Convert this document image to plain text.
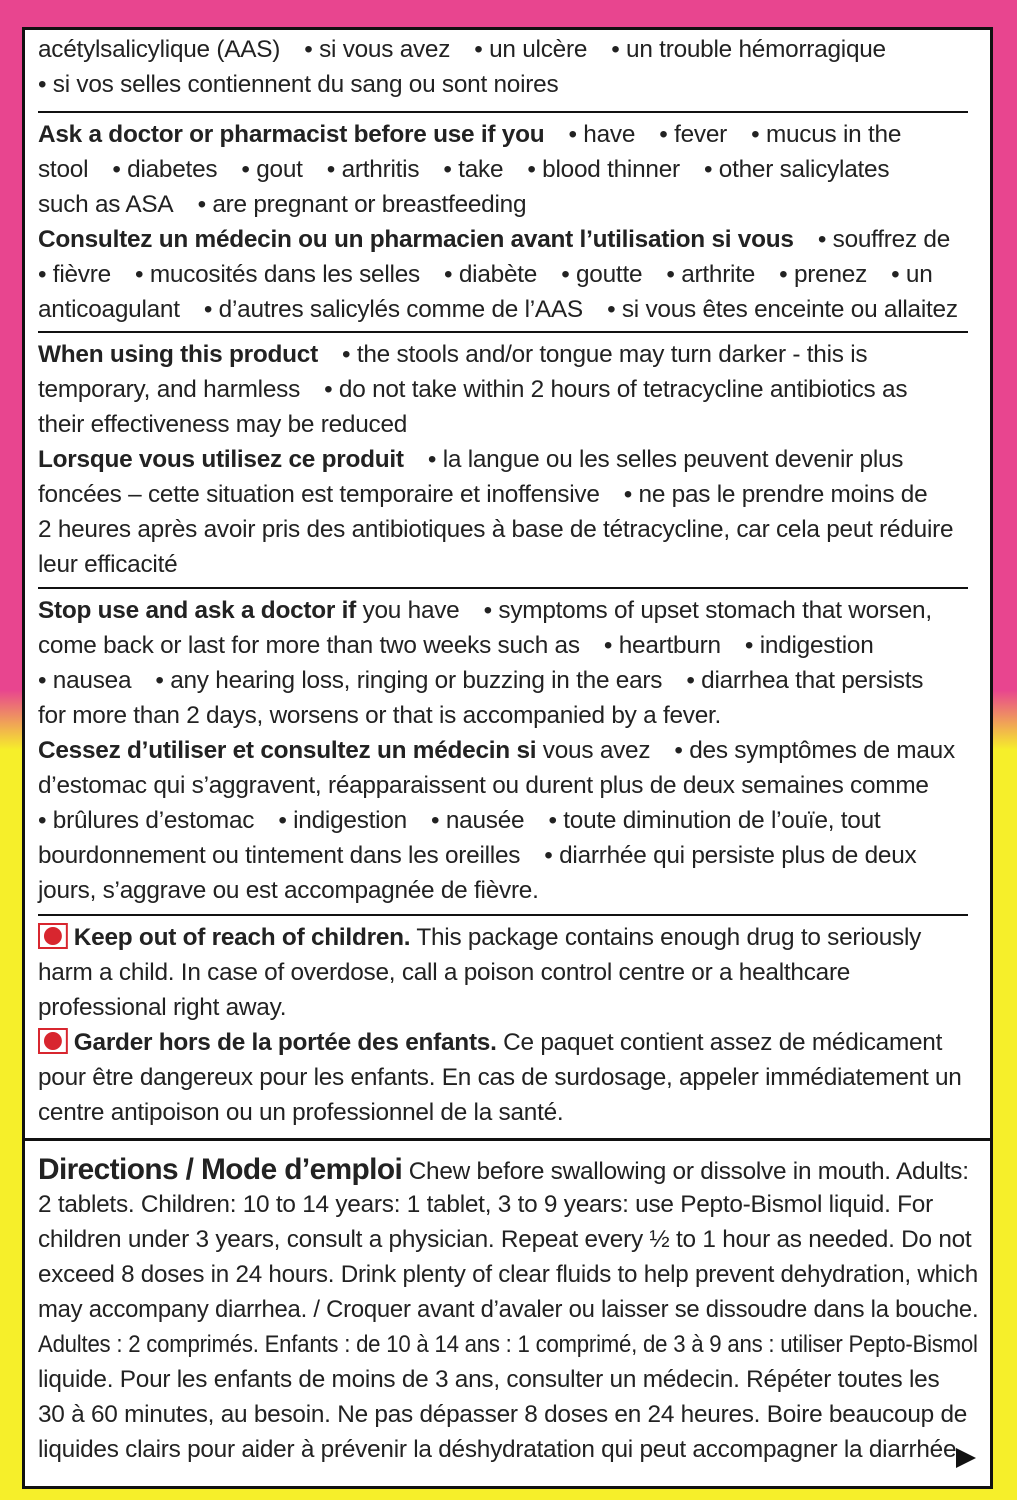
acétylsalicylique (AAS) • si vous avez • un ulcère • un trouble hémorragique
• si vos selles contiennent du sang ou sont noires
Ask a doctor or pharmacist before use if you • have • fever • mucus in the
stool • diabetes • gout • arthritis • take • blood thinner • other salicylates
such as ASA • are pregnant or breastfeeding
Consultez un médecin ou un pharmacien avant l’utilisation si vous • souffrez de
• fièvre • mucosités dans les selles • diabète • goutte • arthrite • prenez • un
anticoagulant • d’autres salicylés comme de l’AAS • si vous êtes enceinte ou allaitez
When using this product • the stools and/or tongue may turn darker - this is
temporary, and harmless • do not take within 2 hours of tetracycline antibiotics as
their effectiveness may be reduced
Lorsque vous utilisez ce produit • la langue ou les selles peuvent devenir plus
foncées – cette situation est temporaire et inoffensive • ne pas le prendre moins de
2 heures après avoir pris des antibiotiques à base de tétracycline, car cela peut réduire
leur efficacité
Stop use and ask a doctor if you have • symptoms of upset stomach that worsen,
come back or last for more than two weeks such as • heartburn • indigestion
• nausea • any hearing loss, ringing or buzzing in the ears • diarrhea that persists
for more than 2 days, worsens or that is accompanied by a fever.
Cessez d’utiliser et consultez un médecin si vous avez • des symptômes de maux
d’estomac qui s’aggravent, réapparaissent ou durent plus de deux semaines comme
• brûlures d’estomac • indigestion • nausée • toute diminution de l’ouïe, tout
bourdonnement ou tintement dans les oreilles • diarrhée qui persiste plus de deux
jours, s’aggrave ou est accompagnée de fièvre.
Keep out of reach of children. This package contains enough drug to seriously
harm a child. In case of overdose, call a poison control centre or a healthcare
professional right away.
Garder hors de la portée des enfants. Ce paquet contient assez de médicament
pour être dangereux pour les enfants. En cas de surdosage, appeler immédiatement un
centre antipoison ou un professionnel de la santé.
Directions / Mode d’emploi Chew before swallowing or dissolve in mouth. Adults:
2 tablets. Children: 10 to 14 years: 1 tablet, 3 to 9 years: use Pepto-Bismol liquid. For
children under 3 years, consult a physician. Repeat every ½ to 1 hour as needed. Do not
exceed 8 doses in 24 hours. Drink plenty of clear fluids to help prevent dehydration, which
may accompany diarrhea. / Croquer avant d’avaler ou laisser se dissoudre dans la bouche.
Adultes : 2 comprimés. Enfants : de 10 à 14 ans : 1 comprimé, de 3 à 9 ans : utiliser Pepto-Bismol
liquide. Pour les enfants de moins de 3 ans, consulter un médecin. Répéter toutes les
30 à 60 minutes, au besoin. Ne pas dépasser 8 doses en 24 heures. Boire beaucoup de
liquides clairs pour aider à prévenir la déshydratation qui peut accompagner la diarrhée.
